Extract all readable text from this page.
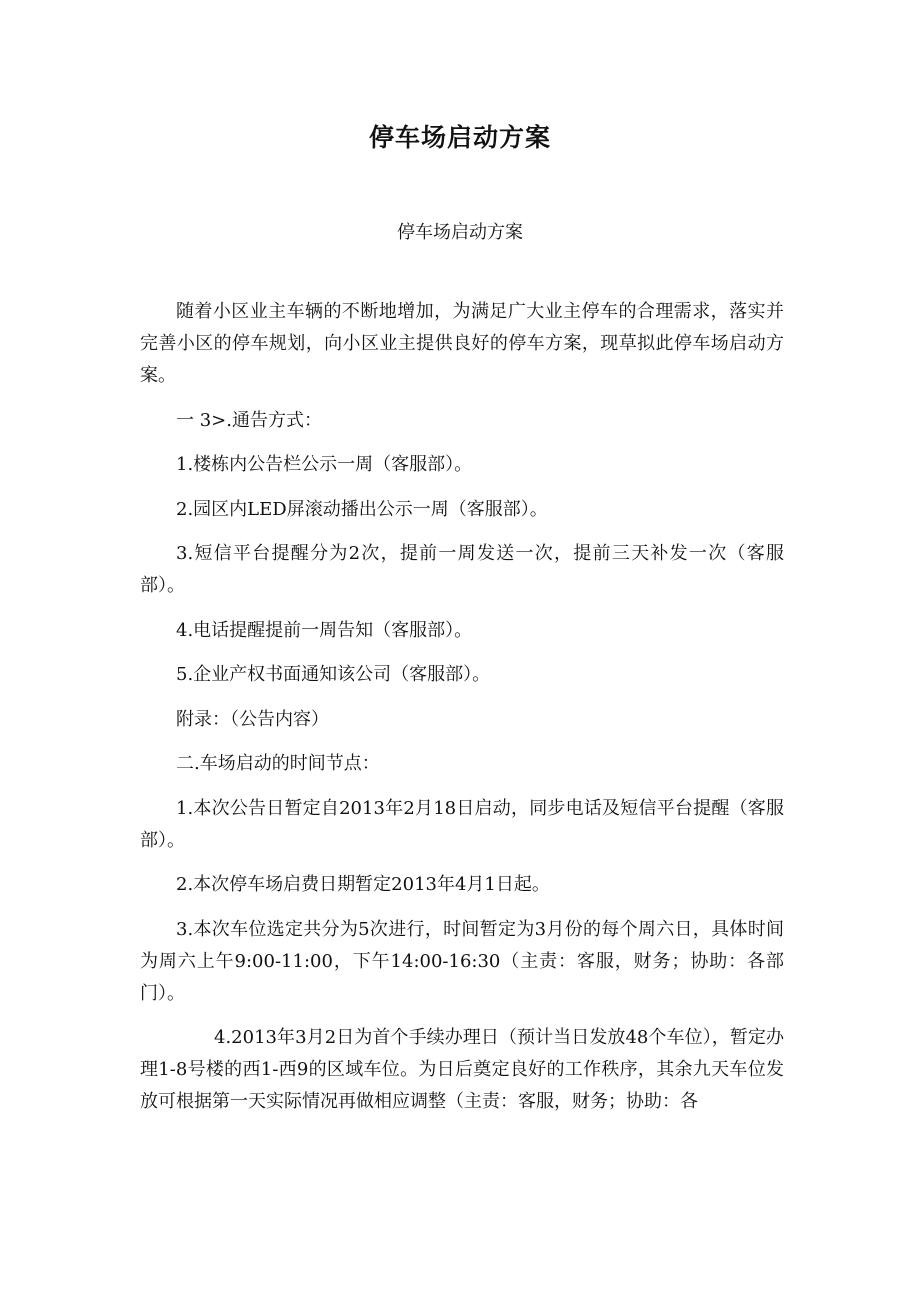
停车场启动方案

停车场启动方案

随着小区业主车辆的不断地增加，为满足广大业主停车的合理需求，落实并完善小区的停车规划，向小区业主提供良好的停车方案，现草拟此停车场启动方案。

一 3>.通告方式：

1.楼栋内公告栏公示一周（客服部）。

2.园区内LED屏滚动播出公示一周（客服部）。

3.短信平台提醒分为2次，提前一周发送一次，提前三天补发一次（客服部）。

4.电话提醒提前一周告知（客服部）。

5.企业产权书面通知该公司（客服部）。

附录：（公告内容）

二.车场启动的时间节点：

1.本次公告日暂定自2013年2月18日启动，同步电话及短信平台提醒（客服部）。

2.本次停车场启费日期暂定2013年4月1日起。

3.本次车位选定共分为5次进行，时间暂定为3月份的每个周六日，具体时间为周六上午9:00-11:00，下午14:00-16:30（主责：客服，财务；协助：各部门）。

4.2013年3月2日为首个手续办理日（预计当日发放48个车位），暂定办理1-8号楼的西1-西9的区域车位。为日后奠定良好的工作秩序，其余九天车位发放可根据第一天实际情况再做相应调整（主责：客服，财务；协助：各
